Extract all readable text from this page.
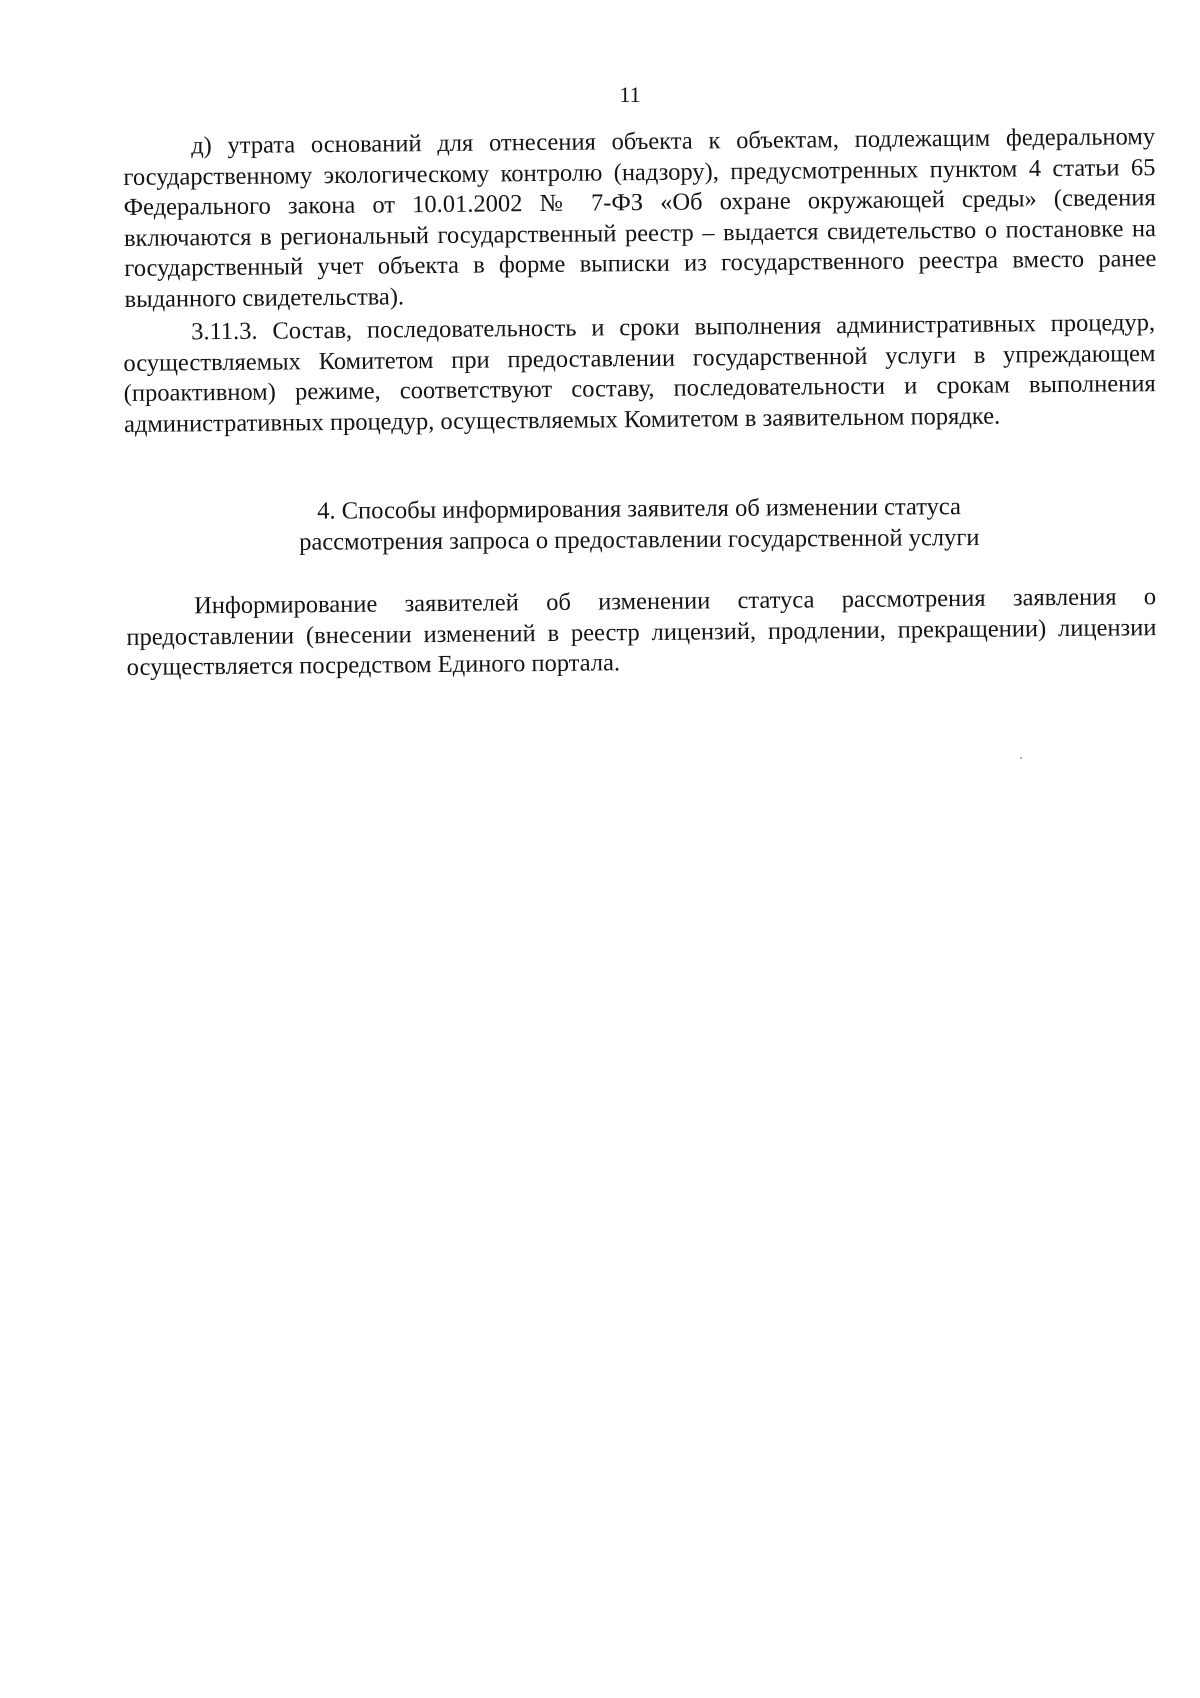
11

д) утрата оснований для отнесения объекта к объектам, подлежащим федеральному государственному экологическому контролю (надзору), предусмотренных пунктом 4 статьи 65 Федерального закона от 10.01.2002 № 7-ФЗ «Об охране окружающей среды» (сведения включаются в региональный государственный реестр – выдается свидетельство о постановке на государственный учет объекта в форме выписки из государственного реестра вместо ранее выданного свидетельства).

3.11.3. Состав, последовательность и сроки выполнения административных процедур, осуществляемых Комитетом при предоставлении государственной услуги в упреждающем (проактивном) режиме, соответствуют составу, последовательности и срокам выполнения административных процедур, осуществляемых Комитетом в заявительном порядке.

4. Способы информирования заявителя об изменении статуса
рассмотрения запроса о предоставлении государственной услуги

Информирование заявителей об изменении статуса рассмотрения заявления о предоставлении (внесении изменений в реестр лицензий, продлении, прекращении) лицензии осуществляется посредством Единого портала.
